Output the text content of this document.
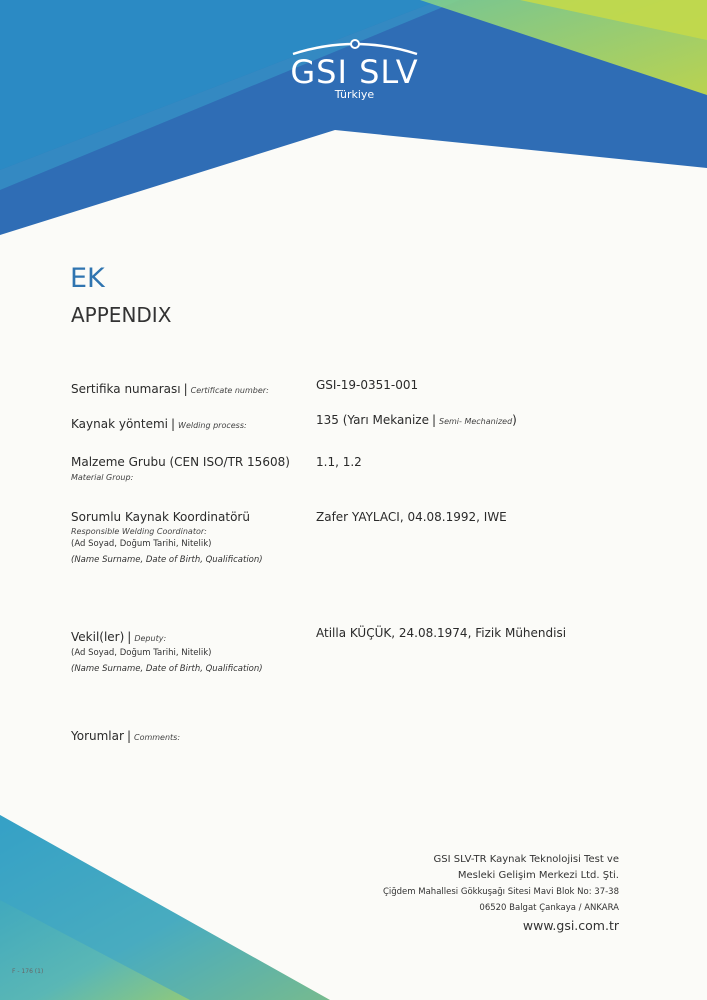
GSI SLV
Türkiye
EK
APPENDIX
Sertifika numarası | Certificate number:	GSI-19-0351-001
Kaynak yöntemi | Welding process:	135 (Yarı Mekanize | Semi- Mechanized)
Malzeme Grubu (CEN ISO/TR 15608)
Material Group:
1.1, 1.2
Sorumlu Kaynak Koordinatörü
Responsible Welding Coordinator:
(Ad Soyad, Doğum Tarihi, Nitelik)
(Name Surname, Date of Birth, Qualification)
Zafer YAYLACI, 04.08.1992, IWE
Vekil(ler) | Deputy:
(Ad Soyad, Doğum Tarihi, Nitelik)
(Name Surname, Date of Birth, Qualification)
Atilla KÜÇÜK, 24.08.1974, Fizik Mühendisi
Yorumlar | Comments:
GSI SLV-TR Kaynak Teknolojisi Test ve
Mesleki Gelişim Merkezi Ltd. Şti.
Çiğdem Mahallesi Gökkuşağı Sitesi Mavi Blok No: 37-38
06520 Balgat Çankaya / ANKARA
www.gsi.com.tr
F - 176 (1)
